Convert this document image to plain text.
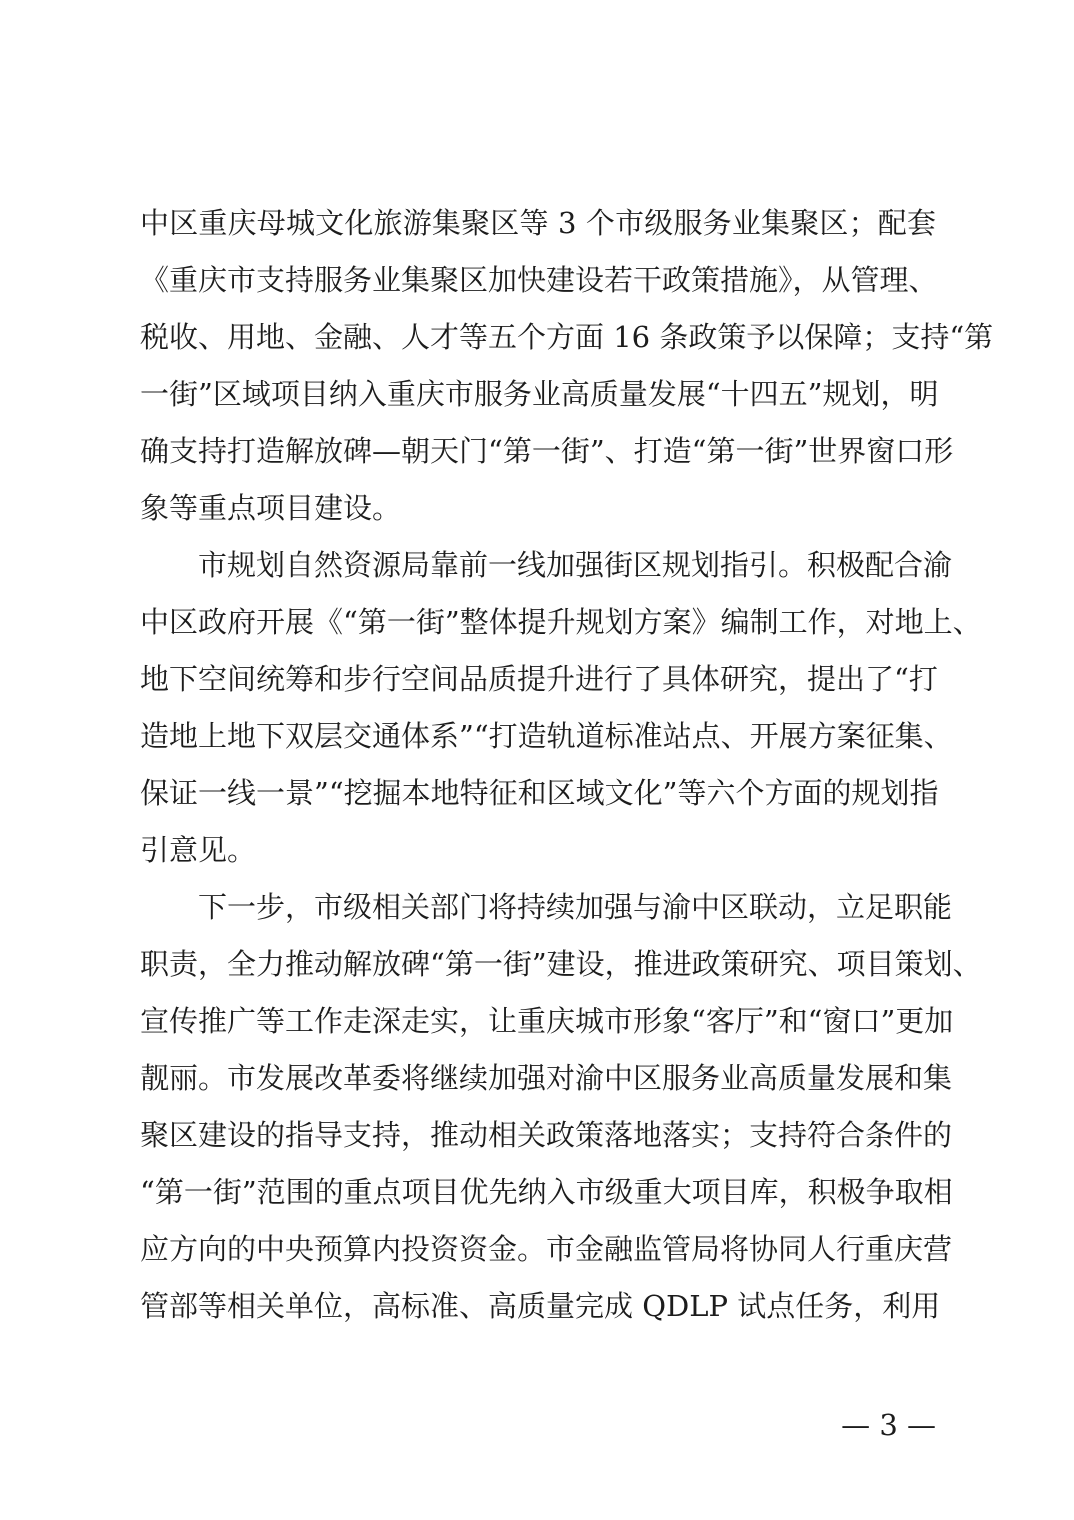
中区重庆母城文化旅游集聚区等 3 个市级服务业集聚区；配套
《重庆市支持服务业集聚区加快建设若干政策措施》，从管理、
税收、用地、金融、人才等五个方面 16 条政策予以保障；支持“第
一街”区域项目纳入重庆市服务业高质量发展“十四五”规划，明
确支持打造解放碑—朝天门“第一街”、打造“第一街”世界窗口形
象等重点项目建设。
市规划自然资源局靠前一线加强街区规划指引。积极配合渝
中区政府开展《“第一街”整体提升规划方案》编制工作，对地上、
地下空间统筹和步行空间品质提升进行了具体研究，提出了“打
造地上地下双层交通体系”“打造轨道标准站点、开展方案征集、
保证一线一景”“挖掘本地特征和区域文化”等六个方面的规划指
引意见。
下一步，市级相关部门将持续加强与渝中区联动，立足职能
职责，全力推动解放碑“第一街”建设，推进政策研究、项目策划、
宣传推广等工作走深走实，让重庆城市形象“客厅”和“窗口”更加
靓丽。市发展改革委将继续加强对渝中区服务业高质量发展和集
聚区建设的指导支持，推动相关政策落地落实；支持符合条件的
“第一街”范围的重点项目优先纳入市级重大项目库，积极争取相
应方向的中央预算内投资资金。市金融监管局将协同人行重庆营
管部等相关单位，高标准、高质量完成 QDLP 试点任务，利用
— 3 —
